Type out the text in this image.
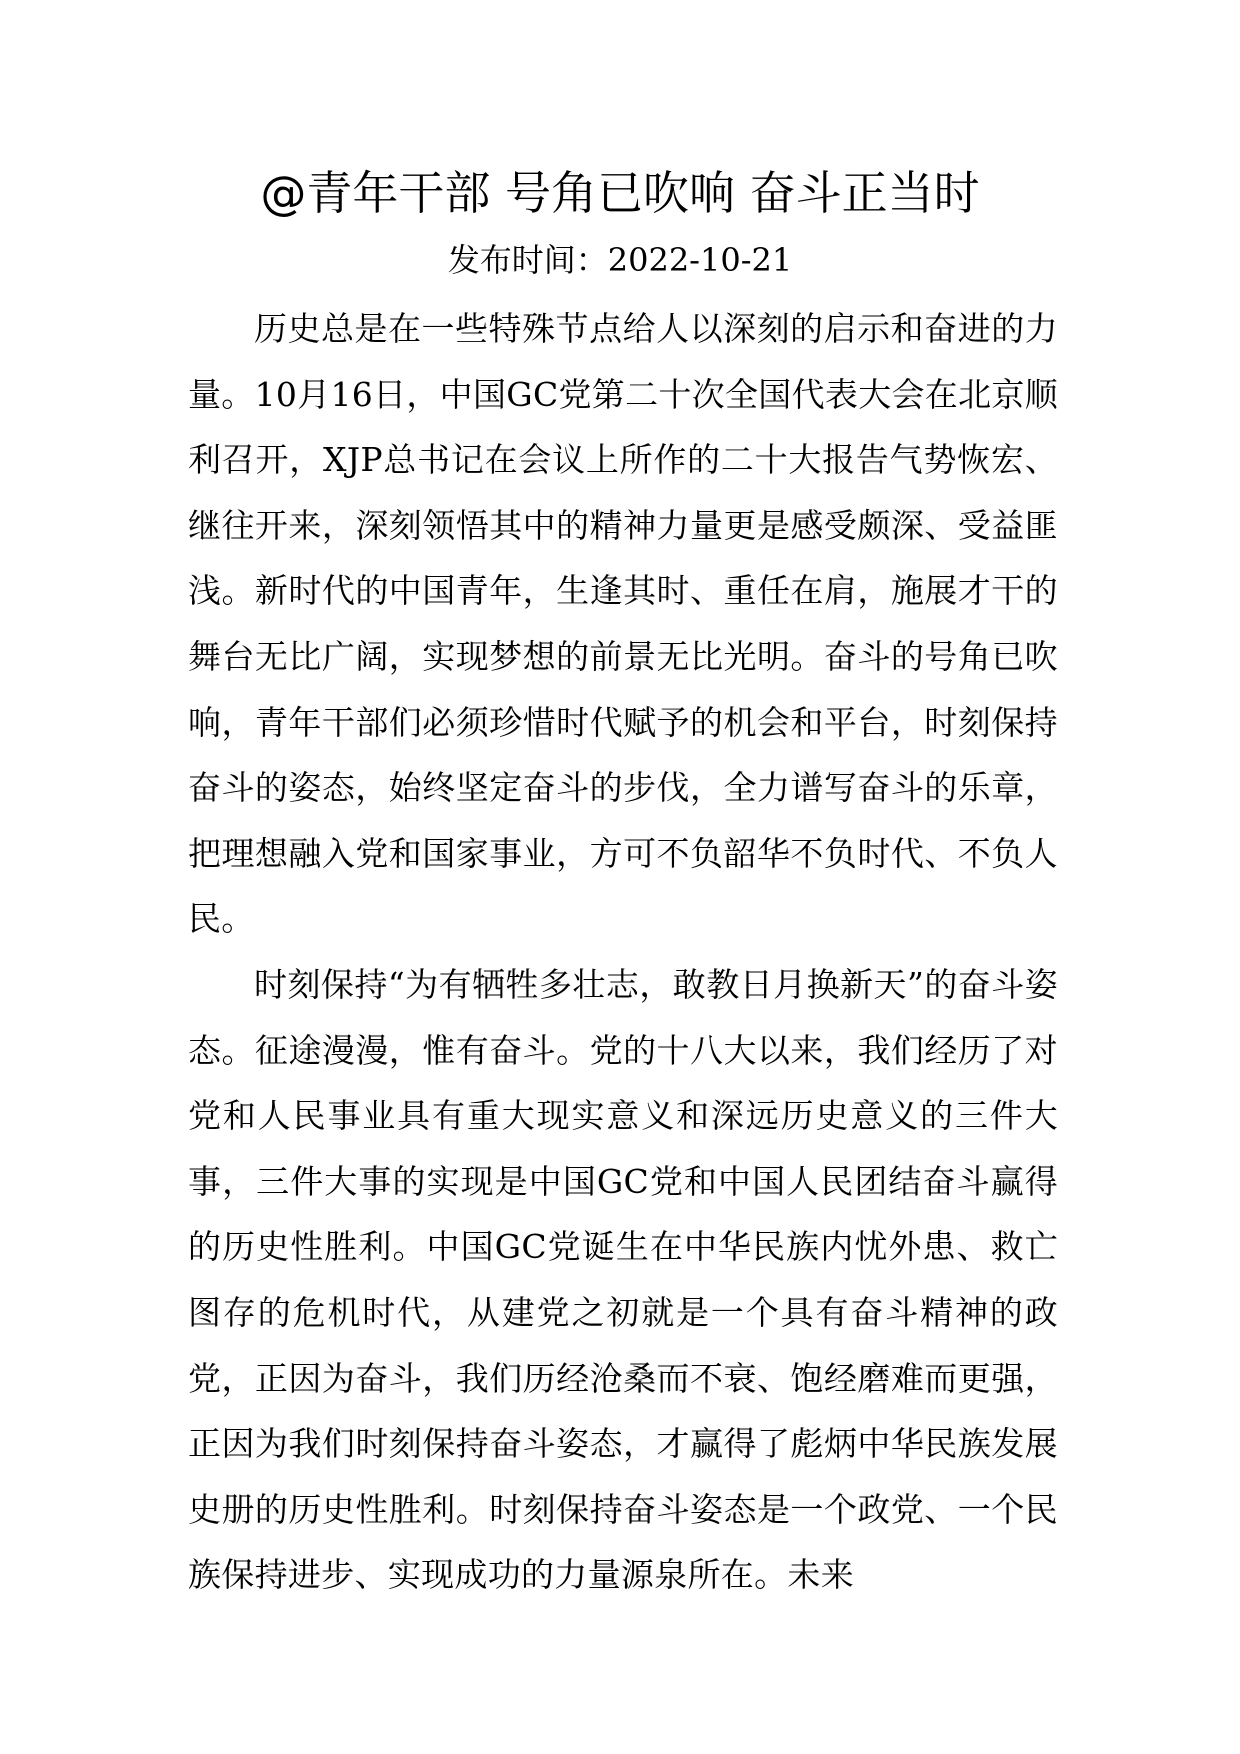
@青年干部 号角已吹响 奋斗正当时
发布时间：2022-10-21

历史总是在一些特殊节点给人以深刻的启示和奋进的力量。10月16日，中国GC党第二十次全国代表大会在北京顺利召开，XJP总书记在会议上所作的二十大报告气势恢宏、继往开来，深刻领悟其中的精神力量更是感受颇深、受益匪浅。新时代的中国青年，生逢其时、重任在肩，施展才干的舞台无比广阔，实现梦想的前景无比光明。奋斗的号角已吹响，青年干部们必须珍惜时代赋予的机会和平台，时刻保持奋斗的姿态，始终坚定奋斗的步伐，全力谱写奋斗的乐章，把理想融入党和国家事业，方可不负韶华不负时代、不负人民。

时刻保持“为有牺牲多壮志，敢教日月换新天”的奋斗姿态。征途漫漫，惟有奋斗。党的十八大以来，我们经历了对党和人民事业具有重大现实意义和深远历史意义的三件大事，三件大事的实现是中国GC党和中国人民团结奋斗赢得的历史性胜利。中国GC党诞生在中华民族内忧外患、救亡图存的危机时代，从建党之初就是一个具有奋斗精神的政党，正因为奋斗，我们历经沧桑而不衰、饱经磨难而更强，正因为我们时刻保持奋斗姿态，才赢得了彪炳中华民族发展史册的历史性胜利。时刻保持奋斗姿态是一个政党、一个民族保持进步、实现成功的力量源泉所在。未来
